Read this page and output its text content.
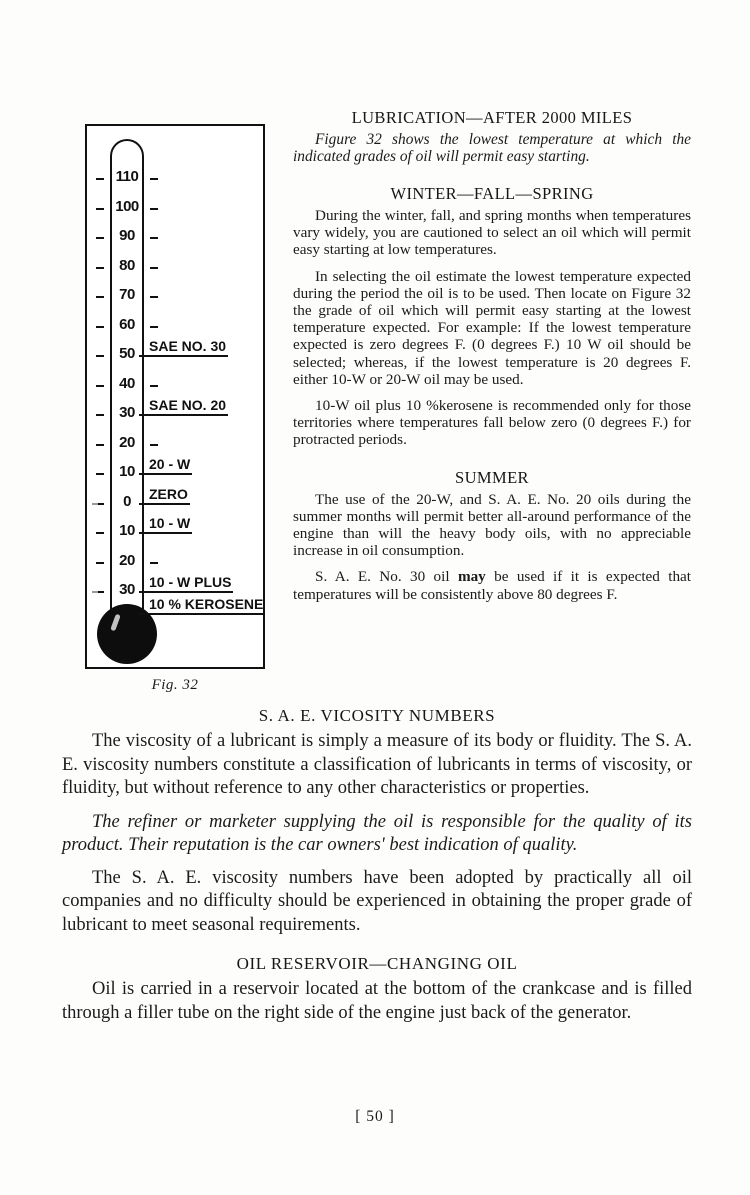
110
100
90
80
70
60
50
40
30
20
10
0
10
20
30
SAE NO. 30
SAE NO. 20
20 - W
ZERO
10 - W
10 - W PLUS
10 % KEROSENE
Fig. 32
LUBRICATION—AFTER 2000 MILES

Figure 32 shows the lowest temperature at which the indicated grades of oil will permit easy starting.

WINTER—FALL—SPRING

During the winter, fall, and spring months when temperatures vary widely, you are cautioned to select an oil which will permit easy starting at low temperatures.

In selecting the oil estimate the lowest temperature expected during the period the oil is to be used. Then locate on Figure 32 the grade of oil which will permit easy starting at the lowest temperature expected. For example: If the lowest temperature expected is zero degrees F. (0 degrees F.) 10 W oil should be selected; whereas, if the lowest temperature is 20 degrees F. either 10-W or 20-W oil may be used.

10-W oil plus 10 %kerosene is recommended only for those territories where temperatures fall below zero (0 degrees F.) for protracted periods.

SUMMER

The use of the 20-W, and S. A. E. No. 20 oils during the summer months will permit better all-around performance of the engine than will the heavy body oils, with no appreciable increase in oil consumption.

S. A. E. No. 30 oil may be used if it is expected that temperatures will be consistently above 80 degrees F.

S. A. E. VICOSITY NUMBERS

The viscosity of a lubricant is simply a measure of its body or fluidity. The S. A. E. viscosity numbers constitute a classification of lubricants in terms of viscosity, or fluidity, but without reference to any other characteristics or properties.

The refiner or marketer supplying the oil is responsible for the quality of its product. Their reputation is the car owners' best indication of quality.

The S. A. E. viscosity numbers have been adopted by practically all oil companies and no difficulty should be experienced in obtaining the proper grade of lubricant to meet seasonal requirements.

OIL RESERVOIR—CHANGING OIL

Oil is carried in a reservoir located at the bottom of the crankcase and is filled through a filler tube on the right side of the engine just back of the generator.

[ 50 ]
